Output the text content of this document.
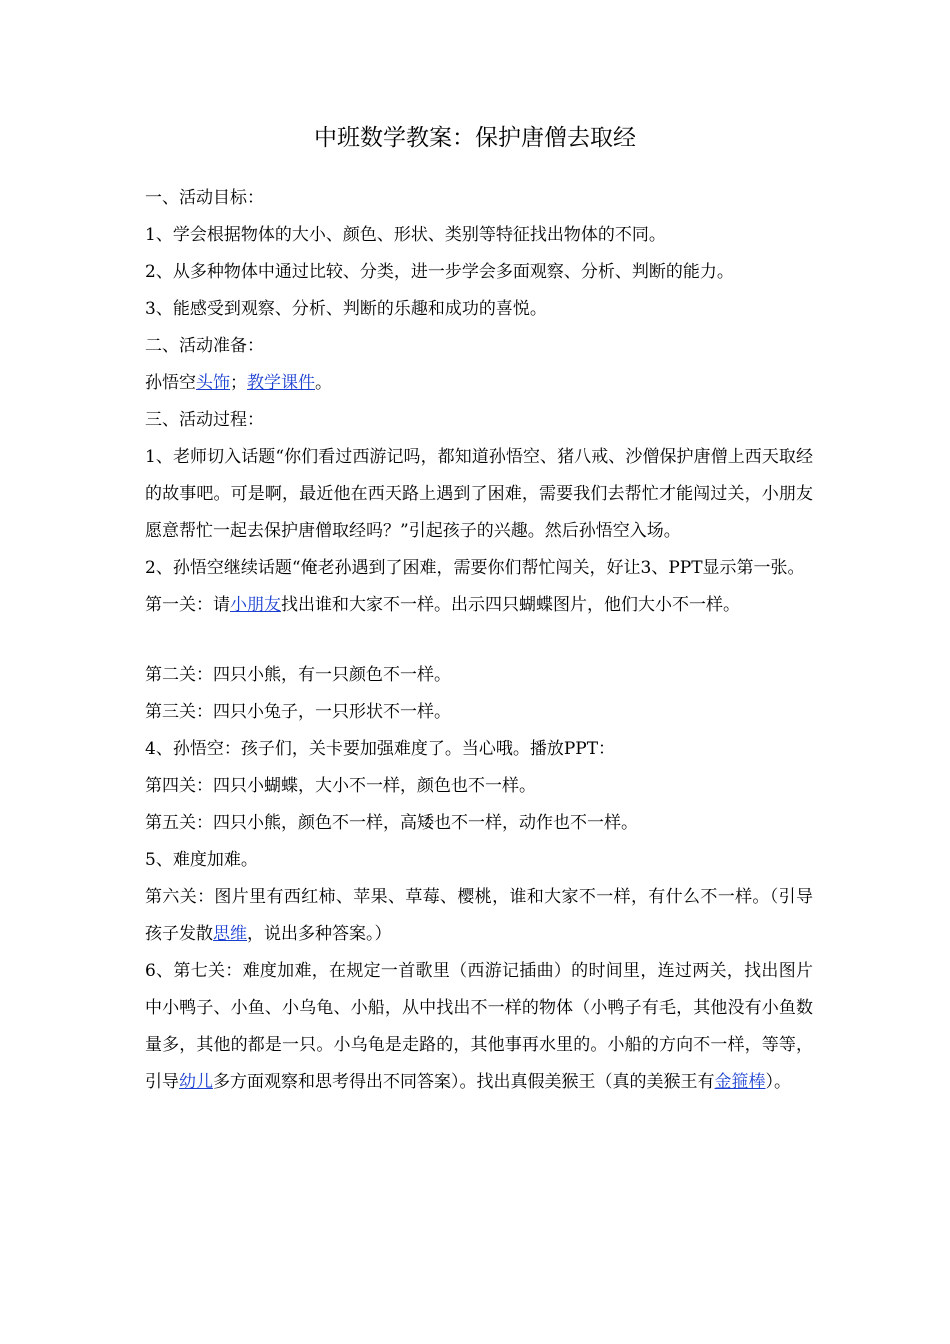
中班数学教案：保护唐僧去取经

一、活动目标：

1、学会根据物体的大小、颜色、形状、类别等特征找出物体的不同。

2、从多种物体中通过比较、分类，进一步学会多面观察、分析、判断的能力。

3、能感受到观察、分析、判断的乐趣和成功的喜悦。

二、活动准备：

孙悟空头饰；教学课件。

三、活动过程：

1、老师切入话题“你们看过西游记吗，都知道孙悟空、猪八戒、沙僧保护唐僧上西天取经的故事吧。可是啊，最近他在西天路上遇到了困难，需要我们去帮忙才能闯过关，小朋友愿意帮忙一起去保护唐僧取经吗？”引起孩子的兴趣。然后孙悟空入场。

2、孙悟空继续话题“俺老孙遇到了困难，需要你们帮忙闯关，好让3、PPT显示第一张。

第一关：请小朋友找出谁和大家不一样。出示四只蝴蝶图片，他们大小不一样。

第二关：四只小熊，有一只颜色不一样。

第三关：四只小兔子，一只形状不一样。

4、孙悟空：孩子们，关卡要加强难度了。当心哦。播放PPT：

第四关：四只小蝴蝶，大小不一样，颜色也不一样。

第五关：四只小熊，颜色不一样，高矮也不一样，动作也不一样。

5、难度加难。

第六关：图片里有西红柿、苹果、草莓、樱桃，谁和大家不一样，有什么不一样。（引导孩子发散思维，说出多种答案。）

6、第七关：难度加难，在规定一首歌里（西游记插曲）的时间里，连过两关，找出图片中小鸭子、小鱼、小乌龟、小船，从中找出不一样的物体（小鸭子有毛，其他没有小鱼数量多，其他的都是一只。小乌龟是走路的，其他事再水里的。小船的方向不一样，等等，引导幼儿多方面观察和思考得出不同答案）。找出真假美猴王（真的美猴王有金箍棒）。
